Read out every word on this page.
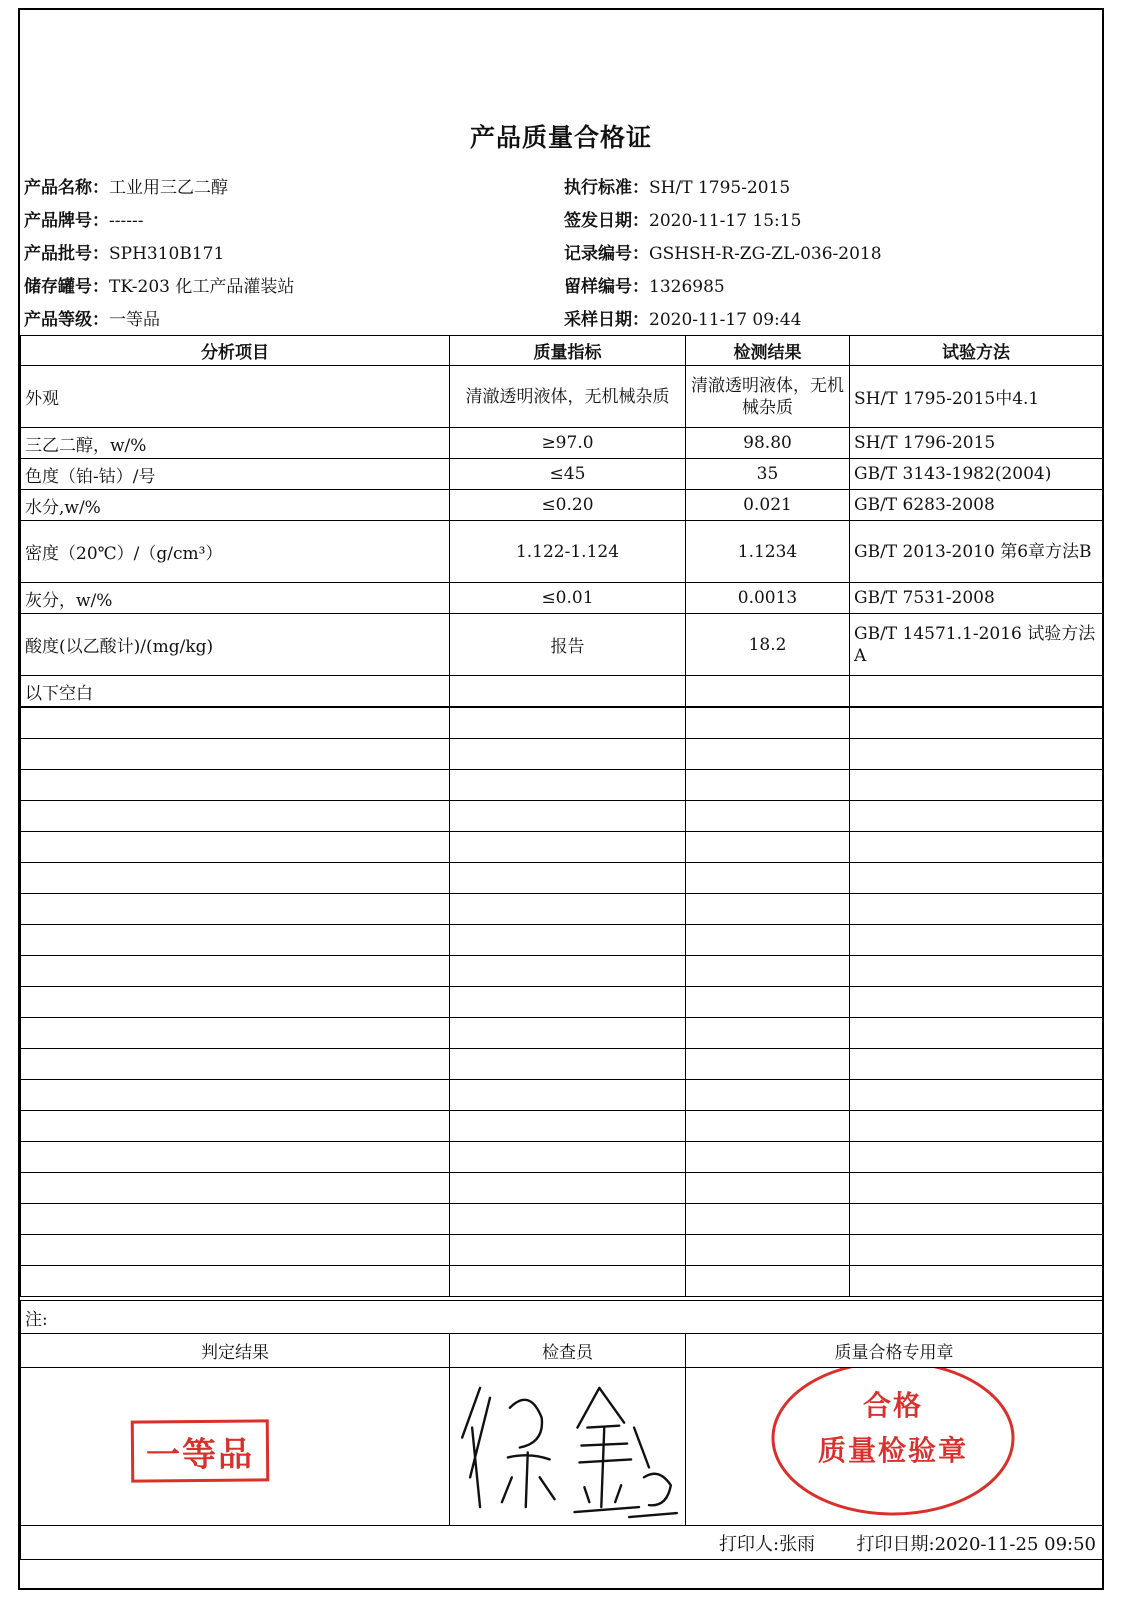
产品质量合格证
产品名称：工业用三乙二醇
产品牌号：------
产品批号：SPH310B171
储存罐号：TK-203 化工产品灌装站
产品等级：一等品
执行标准：SH/T 1795-2015
签发日期：2020-11-17 15:15
记录编号：GSHSH-R-ZG-ZL-036-2018
留样编号：1326985
采样日期：2020-11-17 09:44
分析项目	质量指标	检测结果	试验方法
外观	清澈透明液体，无机械杂质	清澈透明液体，无机械杂质	SH/T 1795-2015中4.1
三乙二醇，w/%	≥97.0	98.80	SH/T 1796-2015
色度（铂-钴）/号	≤45	35	GB/T 3143-1982(2004)
水分,w/%	≤0.20	0.021	GB/T 6283-2008
密度（20℃）/（g/cm³）	1.122-1.124	1.1234	GB/T 2013-2010 第6章方法B
灰分，w/%	≤0.01	0.0013	GB/T 7531-2008
酸度(以乙酸计)/(mg/kg)	报告	18.2	GB/T 14571.1-2016 试验方法A
以下空白			

注:		
判定结果	检查员	质量合格专用章

一等品		合格
质量检验章

打印人:张雨 打印日期:2020-11-25 09:50		
